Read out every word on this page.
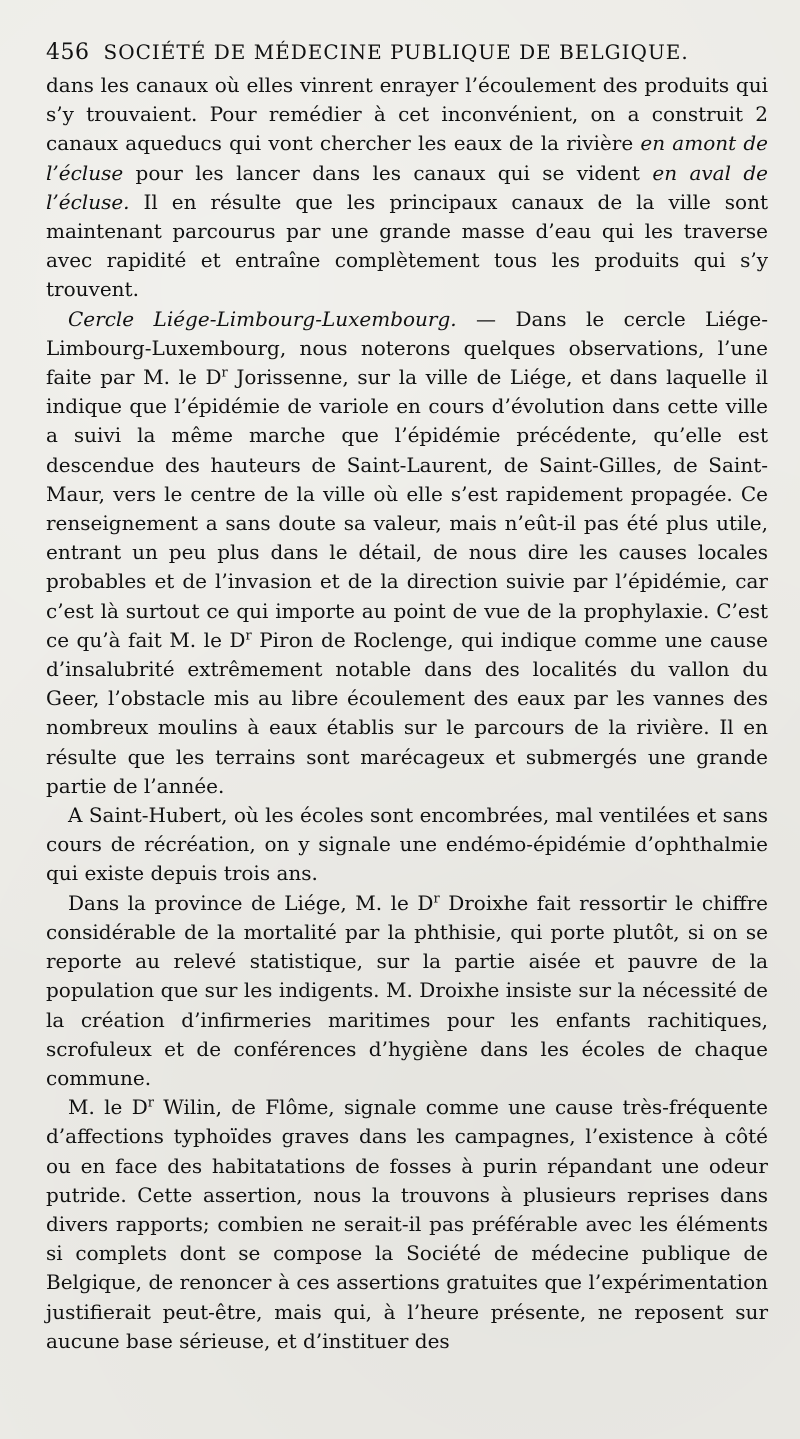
456 SOCIÉTÉ DE MÉDECINE PUBLIQUE DE BELGIQUE.

dans les canaux où elles vinrent enrayer l’écoulement des produits qui s’y trouvaient. Pour remédier à cet inconvénient, on a construit 2 canaux aqueducs qui vont chercher les eaux de la rivière en amont de l’écluse pour les lancer dans les canaux qui se vident en aval de l’écluse. Il en résulte que les principaux canaux de la ville sont maintenant parcourus par une grande masse d’eau qui les traverse avec rapidité et entraîne complètement tous les produits qui s’y trouvent.

Cercle Liége-Limbourg-Luxembourg. — Dans le cercle Liége-Limbourg-Luxembourg, nous noterons quelques observations, l’une faite par M. le $D^r$ Jorissenne, sur la ville de Liége, et dans laquelle il indique que l’épidémie de variole en cours d’évolution dans cette ville a suivi la même marche que l’épidémie précédente, qu’elle est descendue des hauteurs de Saint-Laurent, de Saint-Gilles, de Saint-Maur, vers le centre de la ville où elle s’est rapidement propagée. Ce renseignement a sans doute sa valeur, mais n’eût-il pas été plus utile, entrant un peu plus dans le détail, de nous dire les causes locales probables et de l’invasion et de la direction suivie par l’épidémie, car c’est là surtout ce qui importe au point de vue de la prophylaxie. C’est ce qu’à fait M. le $D^r$ Piron de Roclenge, qui indique comme une cause d’insalubrité extrêmement notable dans des localités du vallon du Geer, l’obstacle mis au libre écoulement des eaux par les vannes des nombreux moulins à eaux établis sur le parcours de la rivière. Il en résulte que les terrains sont marécageux et submergés une grande partie de l’année.

A Saint-Hubert, où les écoles sont encombrées, mal ventilées et sans cours de récréation, on y signale une endémo-épidémie d’ophthalmie qui existe depuis trois ans.

Dans la province de Liége, M. le $D^r$ Droixhe fait ressortir le chiffre considérable de la mortalité par la phthisie, qui porte plutôt, si on se reporte au relevé statistique, sur la partie aisée et pauvre de la population que sur les indigents. M. Droixhe insiste sur la nécessité de la création d’infirmeries maritimes pour les enfants rachitiques, scrofuleux et de conférences d’hygiène dans les écoles de chaque commune.

M. le $D^r$ Wilin, de Flôme, signale comme une cause très-fréquente d’affections typhoïdes graves dans les campagnes, l’existence à côté ou en face des habitatations de fosses à purin répandant une odeur putride. Cette assertion, nous la trouvons à plusieurs reprises dans divers rapports; combien ne serait-il pas préférable avec les éléments si complets dont se compose la Société de médecine publique de Belgique, de renoncer à ces assertions gratuites que l’expérimentation justifierait peut-être, mais qui, à l’heure présente, ne reposent sur aucune base sérieuse, et d’instituer des
